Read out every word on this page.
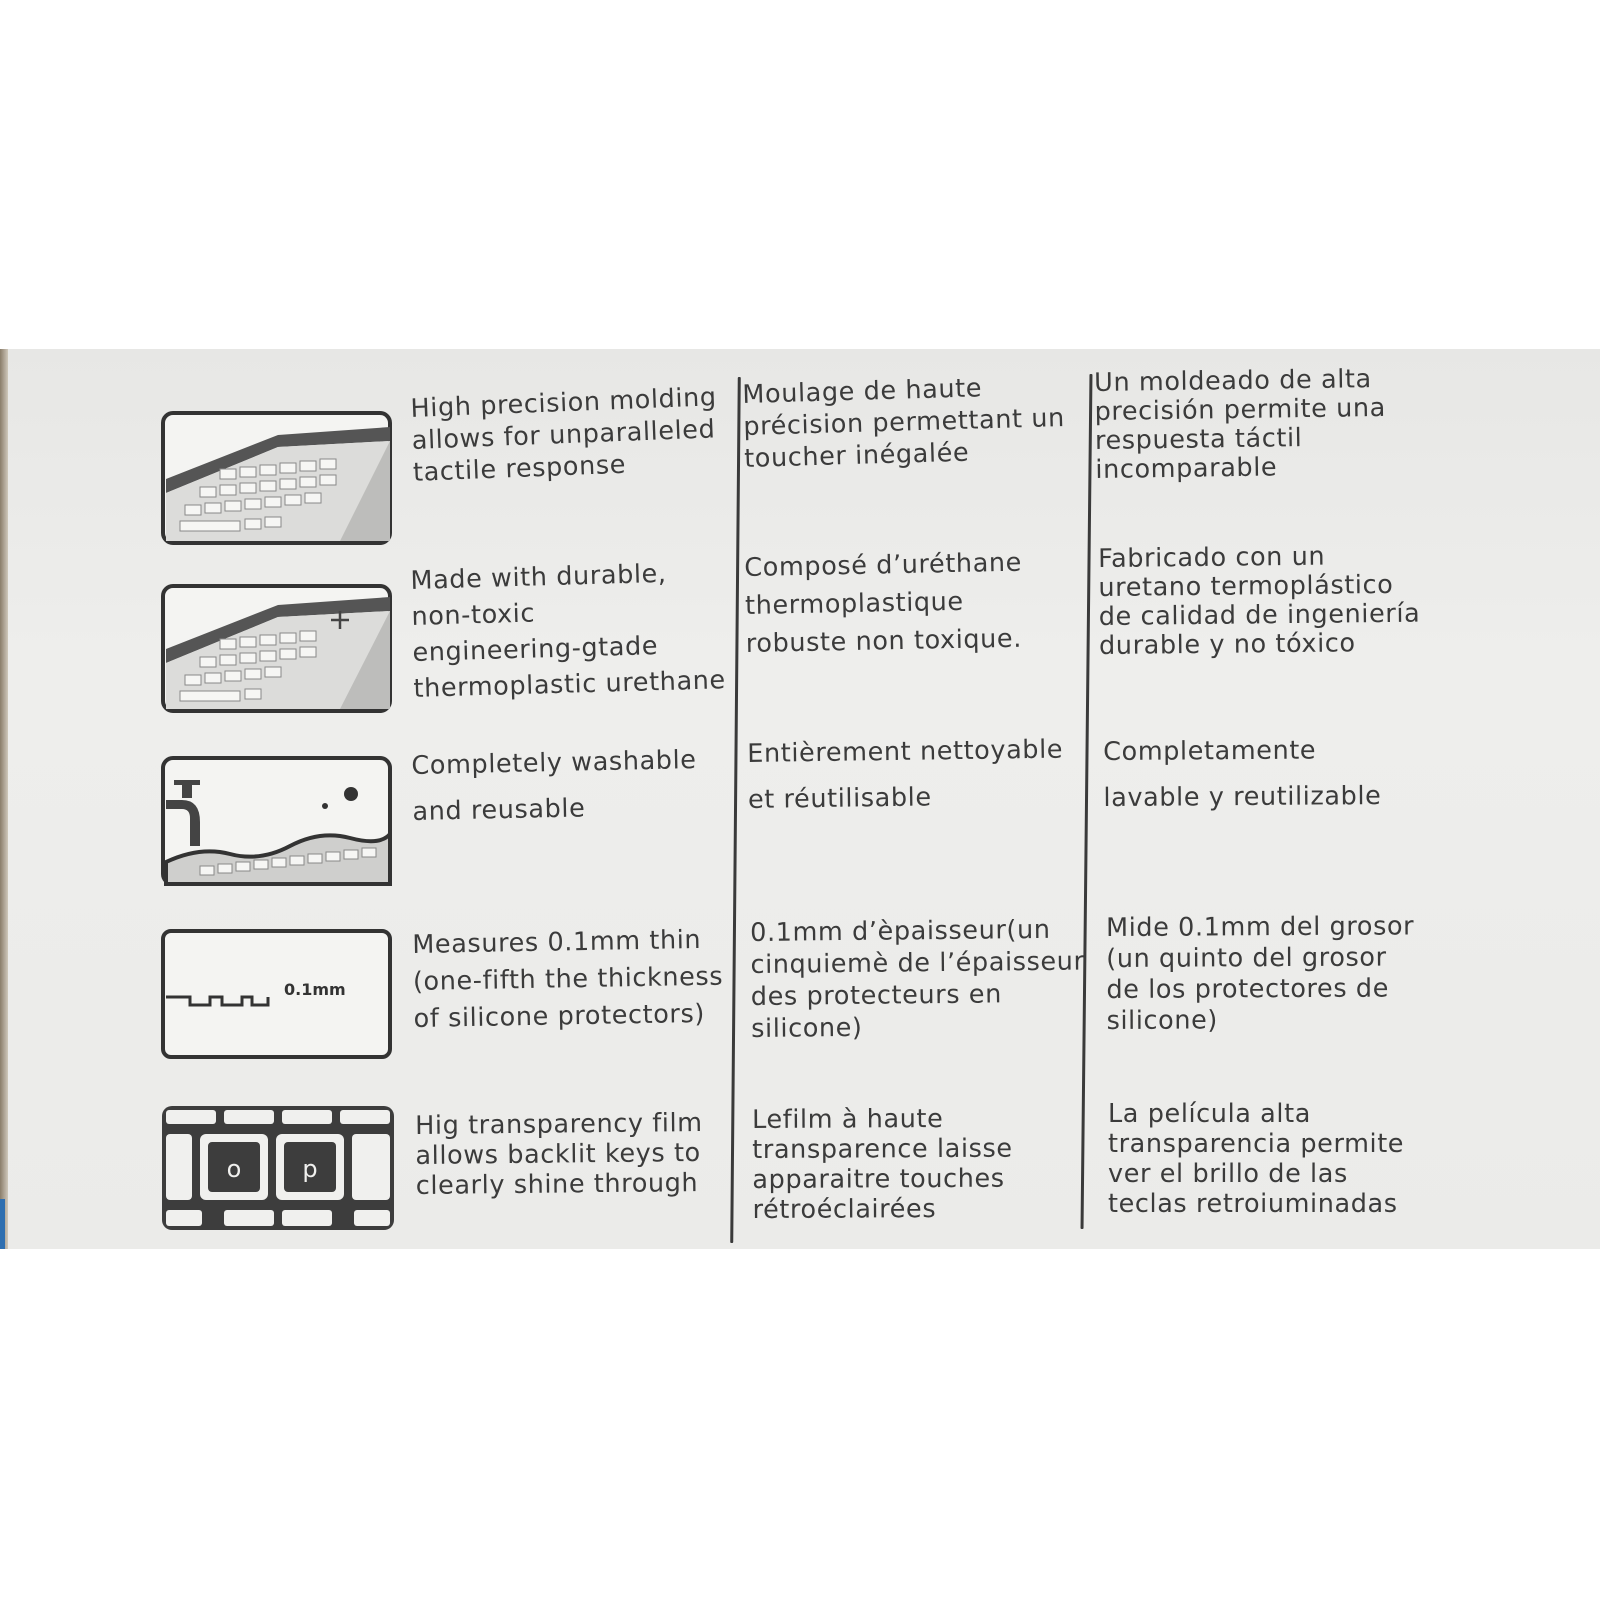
0.1mm
o	p

High precision molding
allows for unparalleled
tactile response

Moulage de haute
précision permettant un
toucher inégalée

Un moldeado de alta
precisión permite una
respuesta táctil
incomparable

Made with durable,
non-toxic
engineering-gtade
thermoplastic urethane

Composé d’uréthane
thermoplastique
robuste non toxique.

Fabricado con un
uretano termoplástico
de calidad de ingeniería
durable y no tóxico

Completely washable
and reusable

Entièrement nettoyable
et réutilisable

Completamente
lavable y reutilizable

Measures 0.1mm thin
(one-fifth the thickness
of silicone protectors)

0.1mm d’èpaisseur(un
cinquiemè de l’épaisseur
des protecteurs en
silicone)

Mide 0.1mm del grosor
(un quinto del grosor
de los protectores de
silicone)

Hig transparency film
allows backlit keys to
clearly shine through

Lefilm à haute
transparence laisse
apparaitre touches
rétroéclairées

La película alta
transparencia permite
ver el brillo de las
teclas retroiuminadas
